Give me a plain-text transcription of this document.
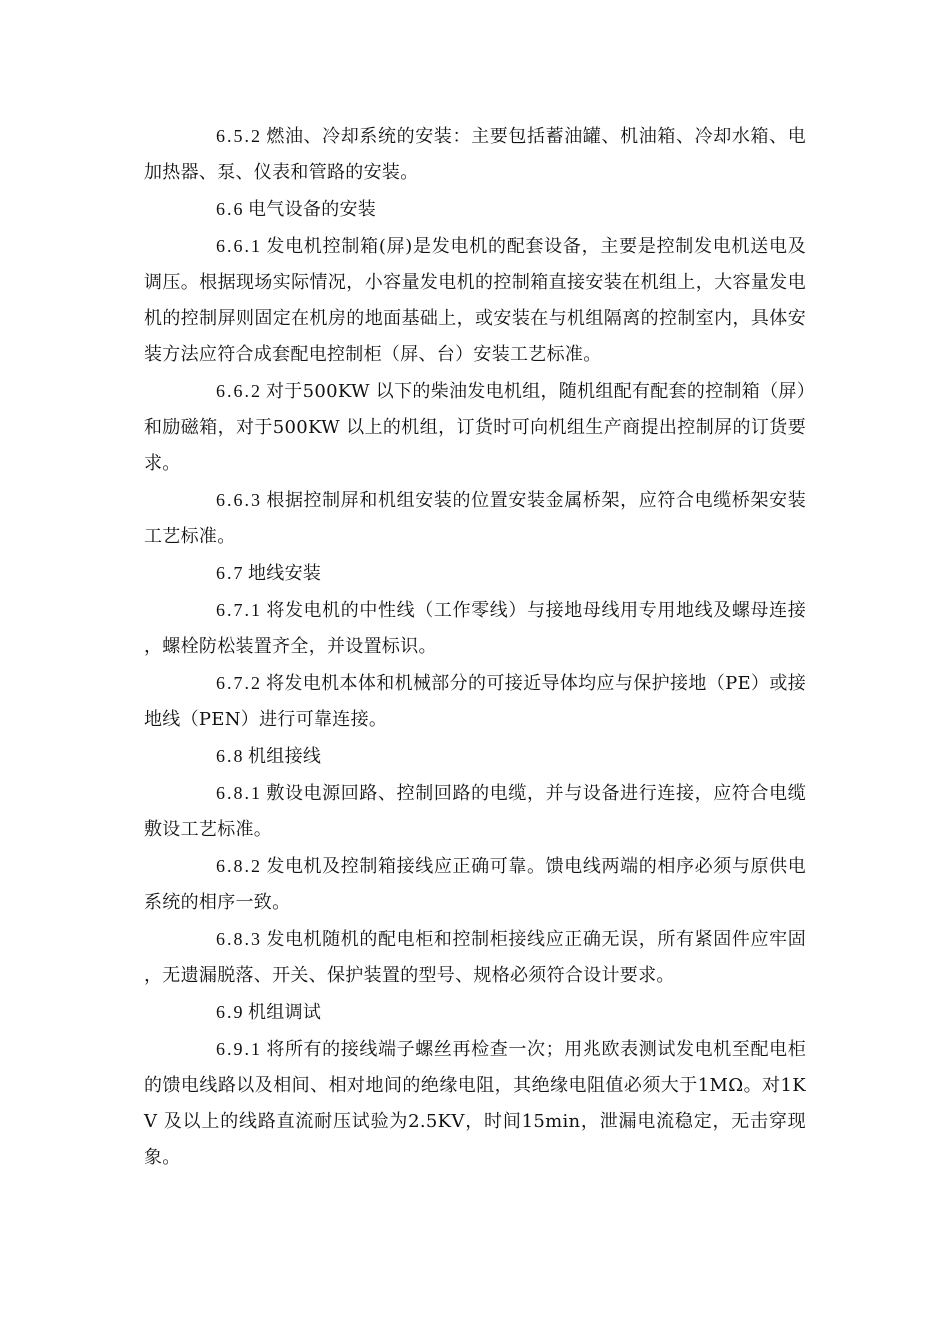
6.5.2 燃油、冷却系统的安装：主要包括蓄油罐、机油箱、冷却水箱、电加热器、泵、仪表和管路的安装。

6.6 电气设备的安装

6.6.1 发电机控制箱(屏)是发电机的配套设备，主要是控制发电机送电及调压。根据现场实际情况，小容量发电机的控制箱直接安装在机组上，大容量发电机的控制屏则固定在机房的地面基础上，或安装在与机组隔离的控制室内，具体安装方法应符合成套配电控制柜（屏、台）安装工艺标准。

6.6.2 对于500KW 以下的柴油发电机组，随机组配有配套的控制箱（屏）和励磁箱，对于500KW 以上的机组，订货时可向机组生产商提出控制屏的订货要求。

6.6.3 根据控制屏和机组安装的位置安装金属桥架，应符合电缆桥架安装工艺标准。

6.7 地线安装

6.7.1 将发电机的中性线（工作零线）与接地母线用专用地线及螺母连接，螺栓防松装置齐全，并设置标识。

6.7.2 将发电机本体和机械部分的可接近导体均应与保护接地（PE）或接地线（PEN）进行可靠连接。

6.8 机组接线

6.8.1 敷设电源回路、控制回路的电缆，并与设备进行连接，应符合电缆敷设工艺标准。

6.8.2 发电机及控制箱接线应正确可靠。馈电线两端的相序必须与原供电系统的相序一致。

6.8.3 发电机随机的配电柜和控制柜接线应正确无误，所有紧固件应牢固，无遗漏脱落、开关、保护装置的型号、规格必须符合设计要求。

6.9 机组调试

6.9.1 将所有的接线端子螺丝再检查一次；用兆欧表测试发电机至配电柜的馈电线路以及相间、相对地间的绝缘电阻，其绝缘电阻值必须大于1MΩ。对1KV 及以上的线路直流耐压试验为2.5KV，时间15min，泄漏电流稳定，无击穿现象。
